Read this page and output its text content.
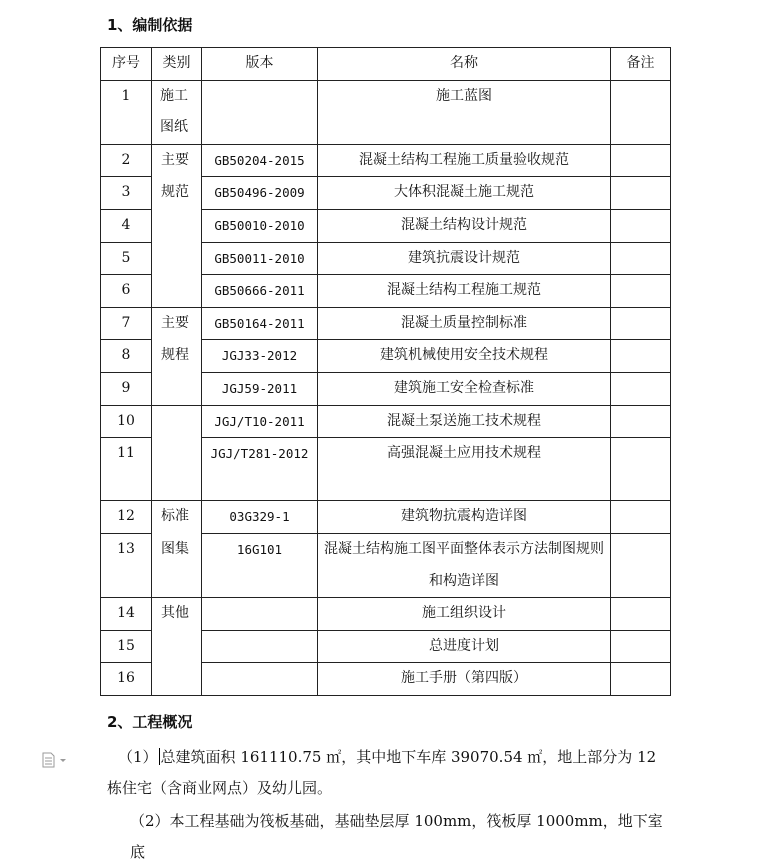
1、编制依据
序号	类别	版本	名称	备注
1	施工图纸		施工蓝图	
2	主要	GB50204-2015	混凝土结构工程施工质量验收规范	
3	规范	GB50496-2009	大体积混凝土施工规范	
4		GB50010-2010	混凝土结构设计规范	
5		GB50011-2010	建筑抗震设计规范	
6		GB50666-2011	混凝土结构工程施工规范	
7	主要	GB50164-2011	混凝土质量控制标准	
8	规程	JGJ33-2012	建筑机械使用安全技术规程	
9		JGJ59-2011	建筑施工安全检查标准	
10		JGJ/T10-2011	混凝土泵送施工技术规程	
11		JGJ/T281-2012	高强混凝土应用技术规程	
12	标准	03G329-1	建筑物抗震构造详图	
13	图集	16G101	混凝土结构施工图平面整体表示方法制图规则和构造详图	
14	其他		施工组织设计	
15			总进度计划	
16			施工手册（第四版）	
2、工程概况
（1） 总建筑面积 161110.75 ㎡，其中地下车库 39070.54 ㎡，地上部分为 12
栋住宅（含商业网点）及幼儿园。
（2）本工程基础为筏板基础，基础垫层厚 100mm，筏板厚 1000mm，地下室底
